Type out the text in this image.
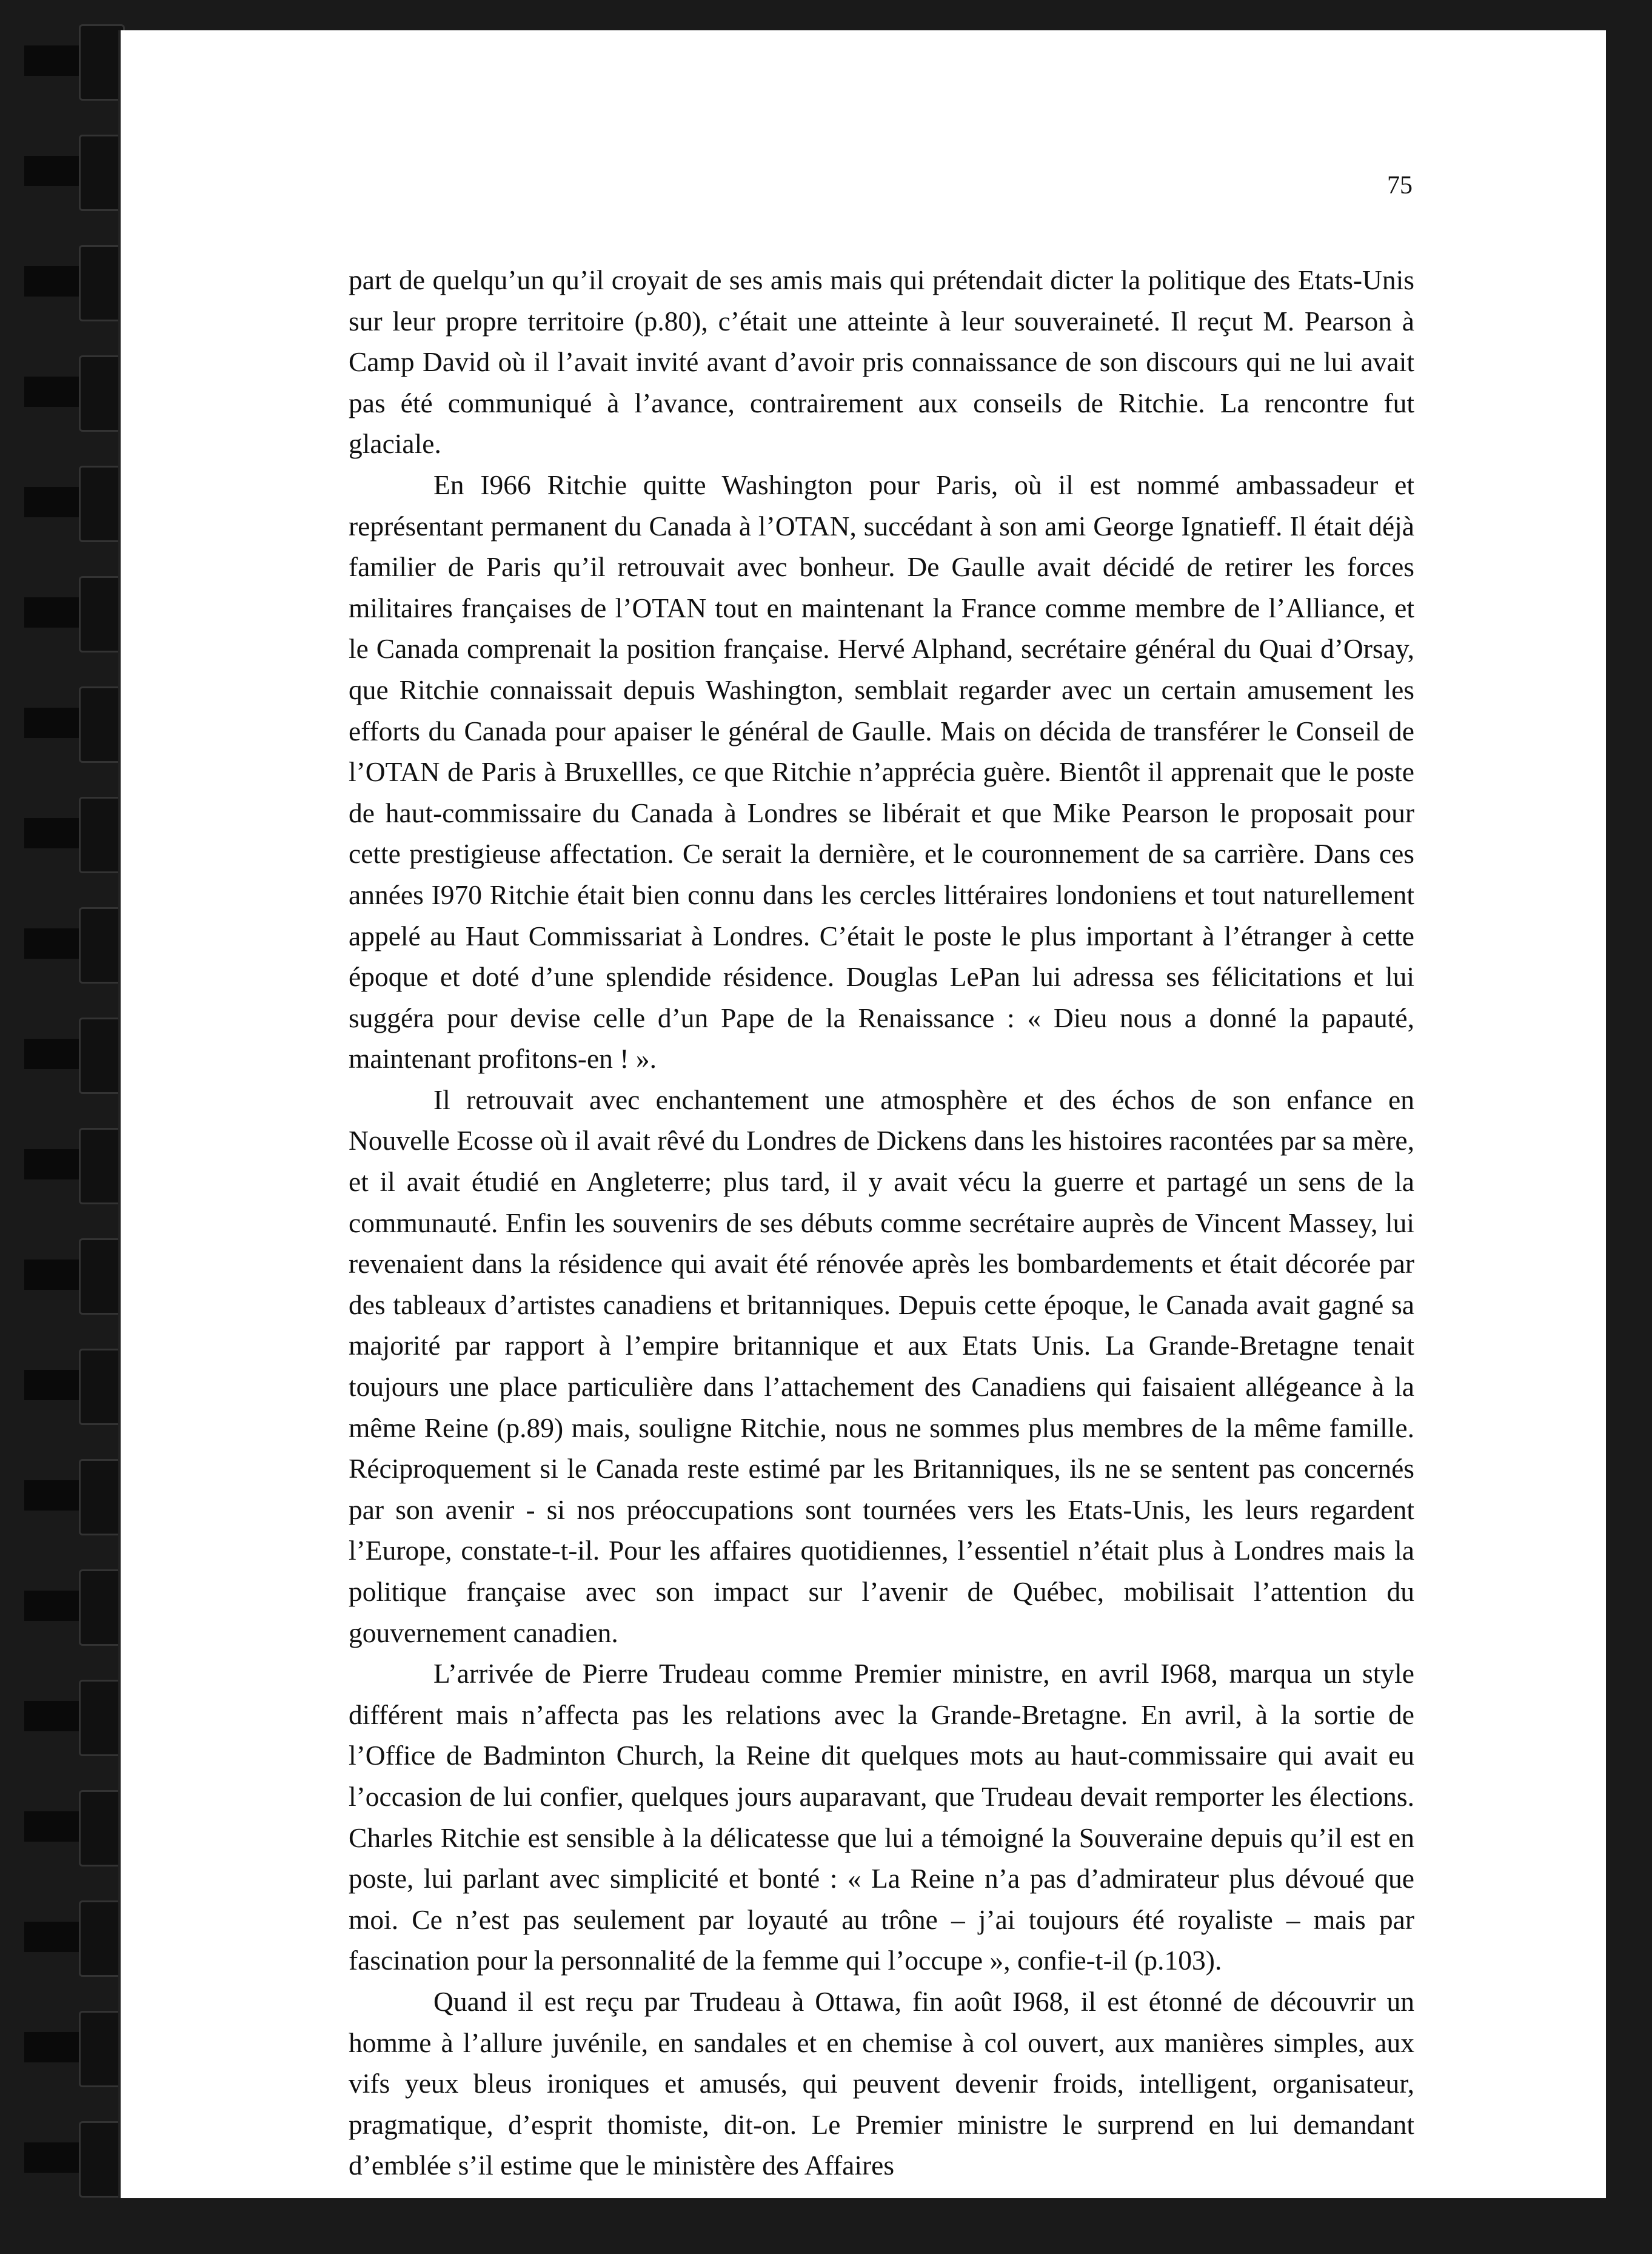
75

part de quelqu’un qu’il croyait de ses amis mais qui prétendait dicter la politique des Etats-Unis sur leur propre territoire (p.80), c’était une atteinte à leur souveraineté. Il reçut M. Pearson à Camp David où il l’avait invité avant d’avoir pris connaissance de son discours qui ne lui avait pas été communiqué à l’avance, contrairement aux conseils de Ritchie. La rencontre fut glaciale.

En I966 Ritchie quitte Washington pour Paris, où il est nommé ambassadeur et représentant permanent du Canada à l’OTAN, succédant à son ami George Ignatieff. Il était déjà familier de Paris qu’il retrouvait avec bonheur. De Gaulle avait décidé de retirer les forces militaires françaises de l’OTAN tout en maintenant la France comme membre de l’Alliance, et le Canada comprenait la position française. Hervé Alphand, secrétaire général du Quai d’Orsay, que Ritchie connaissait depuis Washington, semblait regarder avec un certain amusement les efforts du Canada pour apaiser le général de Gaulle. Mais on décida de transférer le Conseil de l’OTAN de Paris à Bruxellles, ce que Ritchie n’apprécia guère. Bientôt il apprenait que le poste de haut-commissaire du Canada à Londres se libérait et que Mike Pearson le proposait pour cette prestigieuse affectation. Ce serait la dernière, et le couronnement de sa carrière. Dans ces années I970 Ritchie était bien connu dans les cercles littéraires londoniens et tout naturellement appelé au Haut Commissariat à Londres. C’était le poste le plus important à l’étranger à cette époque et doté d’une splendide résidence. Douglas LePan lui adressa ses félicitations et lui suggéra pour devise celle d’un Pape de la Renaissance : « Dieu nous a donné la papauté, maintenant profitons-en ! ».

Il retrouvait avec enchantement une atmosphère et des échos de son enfance en Nouvelle Ecosse où il avait rêvé du Londres de Dickens dans les histoires racontées par sa mère, et il avait étudié en Angleterre; plus tard, il y avait vécu la guerre et partagé un sens de la communauté. Enfin les souvenirs de ses débuts comme secrétaire auprès de Vincent Massey, lui revenaient dans la résidence qui avait été rénovée après les bombardements et était décorée par des tableaux d’artistes canadiens et britanniques. Depuis cette époque, le Canada avait gagné sa majorité par rapport à l’empire britannique et aux Etats Unis. La Grande-Bretagne tenait toujours une place particulière dans l’attachement des Canadiens qui faisaient allégeance à la même Reine (p.89) mais, souligne Ritchie, nous ne sommes plus membres de la même famille. Réciproquement si le Canada reste estimé par les Britanniques, ils ne se sentent pas concernés par son avenir - si nos préoccupations sont tournées vers les Etats-Unis, les leurs regardent l’Europe, constate-t-il. Pour les affaires quotidiennes, l’essentiel n’était plus à Londres mais la politique française avec son impact sur l’avenir de Québec, mobilisait l’attention du gouvernement canadien.

L’arrivée de Pierre Trudeau comme Premier ministre, en avril I968, marqua un style différent mais n’affecta pas les relations avec la Grande-Bretagne. En avril, à la sortie de l’Office de Badminton Church, la Reine dit quelques mots au haut-commissaire qui avait eu l’occasion de lui confier, quelques jours auparavant, que Trudeau devait remporter les élections. Charles Ritchie est sensible à la délicatesse que lui a témoigné la Souveraine depuis qu’il est en poste, lui parlant avec simplicité et bonté : « La Reine n’a pas d’admirateur plus dévoué que moi. Ce n’est pas seulement par loyauté au trône – j’ai toujours été royaliste – mais par fascination pour la personnalité de la femme qui l’occupe », confie-t-il (p.103).

Quand il est reçu par Trudeau à Ottawa, fin août I968, il est étonné de découvrir un homme à l’allure juvénile, en sandales et en chemise à col ouvert, aux manières simples, aux vifs yeux bleus ironiques et amusés, qui peuvent devenir froids, intelligent, organisateur, pragmatique, d’esprit thomiste, dit-on. Le Premier ministre le surprend en lui demandant d’emblée s’il estime que le ministère des Affaires
